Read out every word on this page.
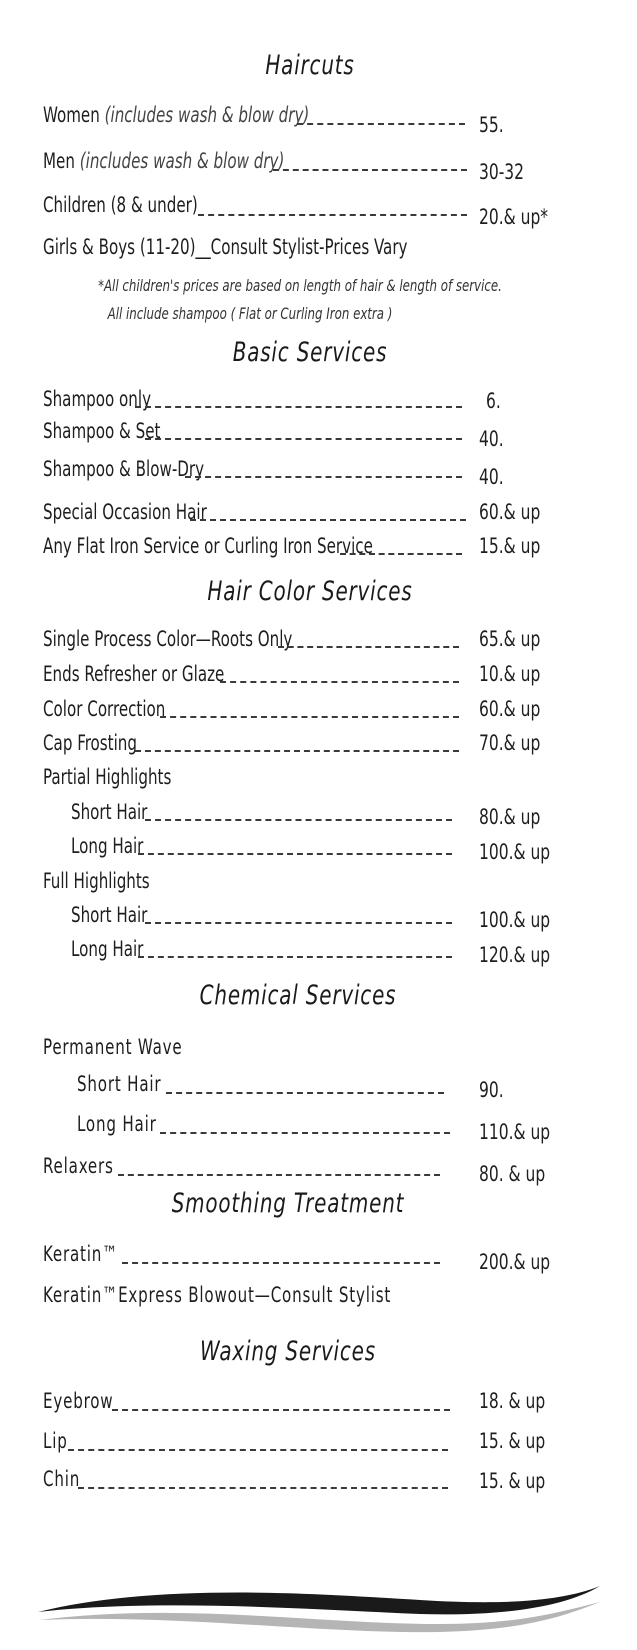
Haircuts
Women (includes wash & blow dry)	55.
Men (includes wash & blow dry)	30-32
Children (8 & under)	20.& up*
Girls & Boys (11-20)__Consult Stylist-Prices Vary
*All children's prices are based on length of hair & length of service.
All include shampoo ( Flat or Curling Iron extra )
Basic Services
Shampoo only	6.
Shampoo & Set	40.
Shampoo & Blow-Dry	40.
Special Occasion Hair	60.& up
Any Flat Iron Service or Curling Iron Service	15.& up
Hair Color Services
Single Process Color—Roots Only	65.& up
Ends Refresher or Glaze	10.& up
Color Correction	60.& up
Cap Frosting	70.& up
Partial Highlights
Short Hair	80.& up
Long Hair	100.& up
Full Highlights
Short Hair	100.& up
Long Hair	120.& up
Chemical Services
Permanent Wave
Short Hair	90.
Long Hair	110.& up
Relaxers	80. & up
Smoothing Treatment
Keratin™	200.& up
Keratin™Express Blowout—Consult Stylist
Waxing Services
Eyebrow	18. & up
Lip	15. & up
Chin	15. & up
